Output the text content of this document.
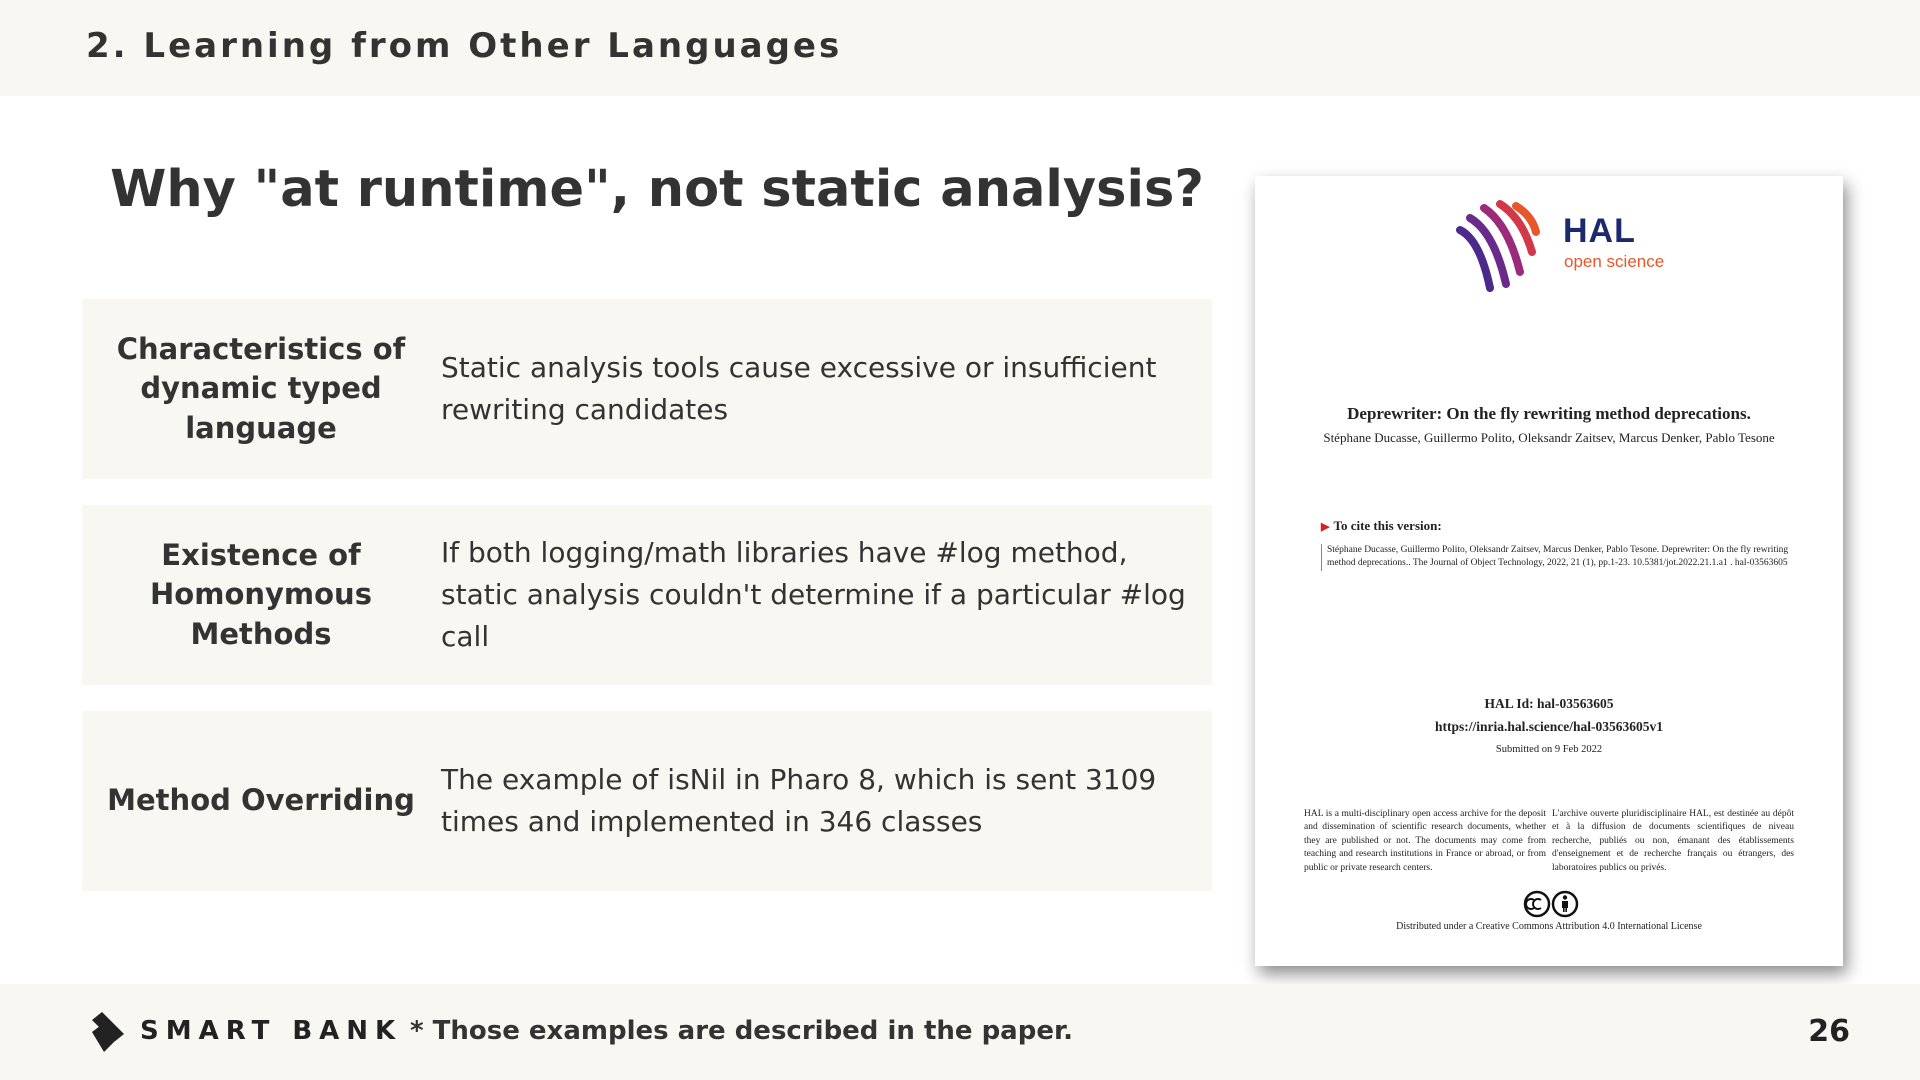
2. Learning from Other Languages
Why "at runtime", not static analysis?
Characteristics of dynamic typed language
Static analysis tools cause excessive or insufficient rewriting candidates
Existence of Homonymous Methods
If both logging/math libraries have #log method, static analysis couldn't determine if a particular #log call
Method Overriding
The example of isNil in Pharo 8, which is sent 3109 times and implemented in 346 classes
HAL
open science
Deprewriter: On the fly rewriting method deprecations.
Stéphane Ducasse, Guillermo Polito, Oleksandr Zaitsev, Marcus Denker, Pablo Tesone
▶ To cite this version:
Stéphane Ducasse, Guillermo Polito, Oleksandr Zaitsev, Marcus Denker, Pablo Tesone. Deprewriter: On the fly rewriting method deprecations.. The Journal of Object Technology, 2022, 21 (1), pp.1-23. 10.5381/jot.2022.21.1.a1 . hal-03563605
HAL Id: hal-03563605
https://inria.hal.science/hal-03563605v1
Submitted on 9 Feb 2022
HAL is a multi-disciplinary open access archive for the deposit and dissemination of scientific research documents, whether they are published or not. The documents may come from teaching and research institutions in France or abroad, or from public or private research centers.
L'archive ouverte pluridisciplinaire HAL, est destinée au dépôt et à la diffusion de documents scientifiques de niveau recherche, publiés ou non, émanant des établissements d'enseignement et de recherche français ou étrangers, des laboratoires publics ou privés.
Distributed under a Creative Commons Attribution 4.0 International License
SMART BANK * Those examples are described in the paper.	26
